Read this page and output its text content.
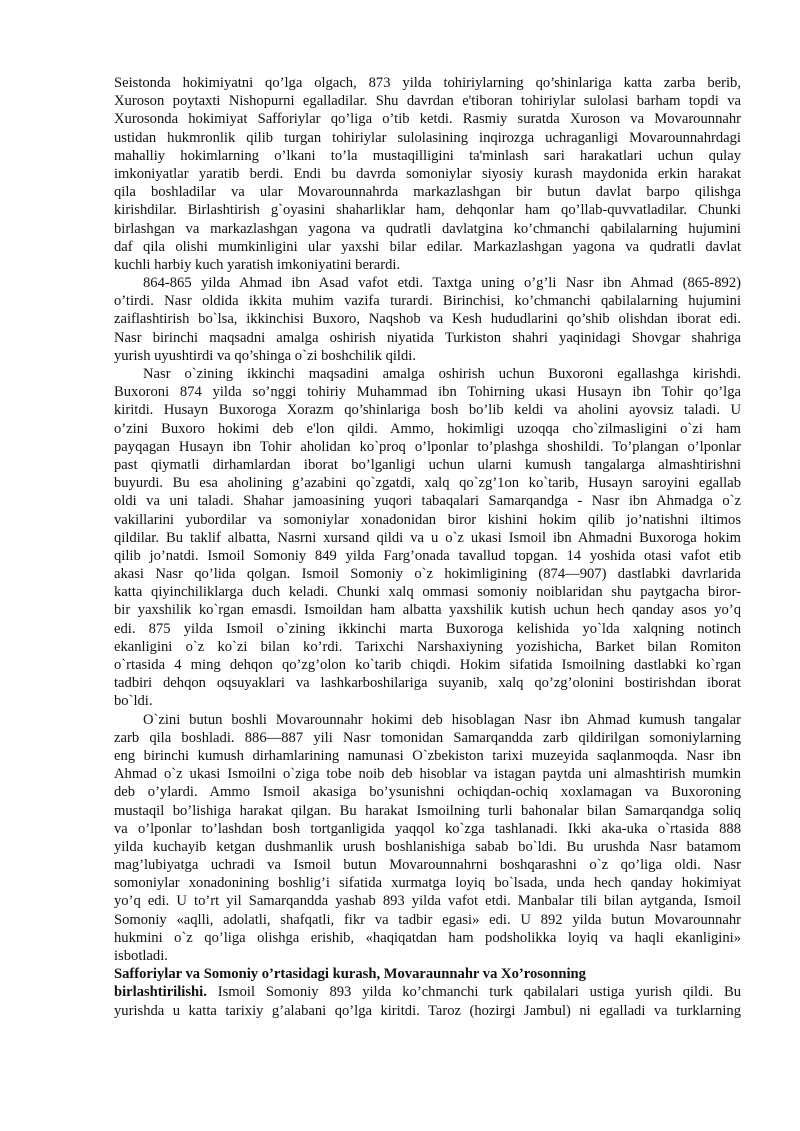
Seistonda hokimiyatni qo’lga olgach, 873 yilda tohiriylarning qo’shinlariga katta zarba berib,
Xuroson poytaxti Nishopurni egalladilar. Shu davrdan e'tiboran tohiriylar sulolasi barham topdi va
Xurosonda hokimiyat Safforiylar qo’liga o’tib ketdi. Rasmiy suratda Xuroson va Movarounnahr
ustidan hukmronlik qilib turgan tohiriylar sulolasining inqirozga uchraganligi Movarounnahrdagi
mahalliy hokimlarning o’lkani to’la mustaqilligini ta'minlash sari harakatlari uchun qulay
imkoniyatlar yaratib berdi. Endi bu davrda somoniylar siyosiy kurash maydonida erkin harakat
qila boshladilar va ular Movarounnahrda markazlashgan bir butun davlat barpo qilishga
kirishdilar. Birlashtirish g`oyasini shaharliklar ham, dehqonlar ham qo’llab-quvvatladilar. Chunki
birlashgan va markazlashgan yagona va qudratli davlatgina ko’chmanchi qabilalarning hujumini
daf qila olishi mumkinligini ular yaxshi bilar edilar. Markazlashgan yagona va qudratli davlat
kuchli harbiy kuch yaratish imkoniyatini berardi.
864-865 yilda Ahmad ibn Asad vafot etdi. Taxtga uning o’g’li Nasr ibn Ahmad (865-892)
o’tirdi. Nasr oldida ikkita muhim vazifa turardi. Birinchisi, ko’chmanchi qabilalarning hujumini
zaiflashtirish bo`lsa, ikkinchisi Buxoro, Naqshob va Kesh hududlarini qo’shib olishdan iborat edi.
Nasr birinchi maqsadni amalga oshirish niyatida Turkiston shahri yaqinidagi Shovgar shahriga
yurish uyushtirdi va qo’shinga o`zi boshchilik qildi.
Nasr o`zining ikkinchi maqsadini amalga oshirish uchun Buxoroni egallashga kirishdi.
Buxoroni 874 yilda so’nggi tohiriy Muhammad ibn Tohirning ukasi Husayn ibn Tohir qo’lga
kiritdi. Husayn Buxoroga Xorazm qo’shinlariga bosh bo’lib keldi va aholini ayovsiz taladi. U
o’zini Buxoro hokimi deb e'lon qildi. Ammo, hokimligi uzoqqa cho`zilmasligini o`zi ham
payqagan Husayn ibn Tohir aholidan ko`proq o’lponlar to’plashga shoshildi. To’plangan o’lponlar
past qiymatli dirhamlardan iborat bo’lganligi uchun ularni kumush tangalarga almashtirishni
buyurdi. Bu esa aholining g’azabini qo`zgatdi, xalq qo`zg’1on ko`tarib, Husayn saroyini egallab
oldi va uni taladi. Shahar jamoasining yuqori tabaqalari Samarqandga - Nasr ibn Ahmadga o`z
vakillarini yubordilar va somoniylar xonadonidan biror kishini hokim qilib jo’natishni iltimos
qildilar. Bu taklif albatta, Nasrni xursand qildi va u o`z ukasi Ismoil ibn Ahmadni Buxoroga hokim
qilib jo’natdi. Ismoil Somoniy 849 yilda Farg’onada tavallud topgan. 14 yoshida otasi vafot etib
akasi Nasr qo’lida qolgan. Ismoil Somoniy o`z hokimligining (874—907) dastlabki davrlarida
katta qiyinchiliklarga duch keladi. Chunki xalq ommasi somoniy noiblaridan shu paytgacha biror-
bir yaxshilik ko`rgan emasdi. Ismoildan ham albatta yaxshilik kutish uchun hech qanday asos yo’q
edi. 875 yilda Ismoil o`zining ikkinchi marta Buxoroga kelishida yo`lda xalqning notinch
ekanligini o`z ko`zi bilan ko’rdi. Tarixchi Narshaxiyning yozishicha, Barket bilan Romiton
o`rtasida 4 ming dehqon qo’zg’olon ko`tarib chiqdi. Hokim sifatida Ismoilning dastlabki ko`rgan
tadbiri dehqon oqsuyaklari va lashkarboshilariga suyanib, xalq qo’zg’olonini bostirishdan iborat
bo`ldi.
O`zini butun boshli Movarounnahr hokimi deb hisoblagan Nasr ibn Ahmad kumush tangalar
zarb qila boshladi. 886—887 yili Nasr tomonidan Samarqandda zarb qildirilgan somoniylarning
eng birinchi kumush dirhamlarining namunasi O`zbekiston tarixi muzeyida saqlanmoqda. Nasr ibn
Ahmad o`z ukasi Ismoilni o`ziga tobe noib deb hisoblar va istagan paytda uni almashtirish mumkin
deb o’ylardi. Ammo Ismoil akasiga bo’ysunishni ochiqdan-ochiq xoxlamagan va Buxoroning
mustaqil bo’lishiga harakat qilgan. Bu harakat Ismoilning turli bahonalar bilan Samarqandga soliq
va o’lponlar to’lashdan bosh tortganligida yaqqol ko`zga tashlanadi. Ikki aka-uka o`rtasida 888
yilda kuchayib ketgan dushmanlik urush boshlanishiga sabab bo`ldi. Bu urushda Nasr batamom
mag’lubiyatga uchradi va Ismoil butun Movarounnahrni boshqarashni o`z qo’liga oldi. Nasr
somoniylar xonadonining boshlig’i sifatida xurmatga loyiq bo`lsada, unda hech qanday hokimiyat
yo’q edi. U to’rt yil Samarqandda yashab 893 yilda vafot etdi. Manbalar tili bilan aytganda, Ismoil
Somoniy «aqlli, adolatli, shafqatli, fikr va tadbir egasi» edi. U 892 yilda butun Movarounnahr
hukmini o`z qo’liga olishga erishib, «haqiqatdan ham podsholikka loyiq va haqli ekanligini»
isbotladi.
Safforiylar va Somoniy o’rtasidagi kurash, Movaraunnahr va Xo’rosonning
birlashtirilishi. Ismoil Somoniy 893 yilda ko’chmanchi turk qabilalari ustiga yurish qildi. Bu
yurishda u katta tarixiy g’alabani qo’lga kiritdi. Taroz (hozirgi Jambul) ni egalladi va turklarning
